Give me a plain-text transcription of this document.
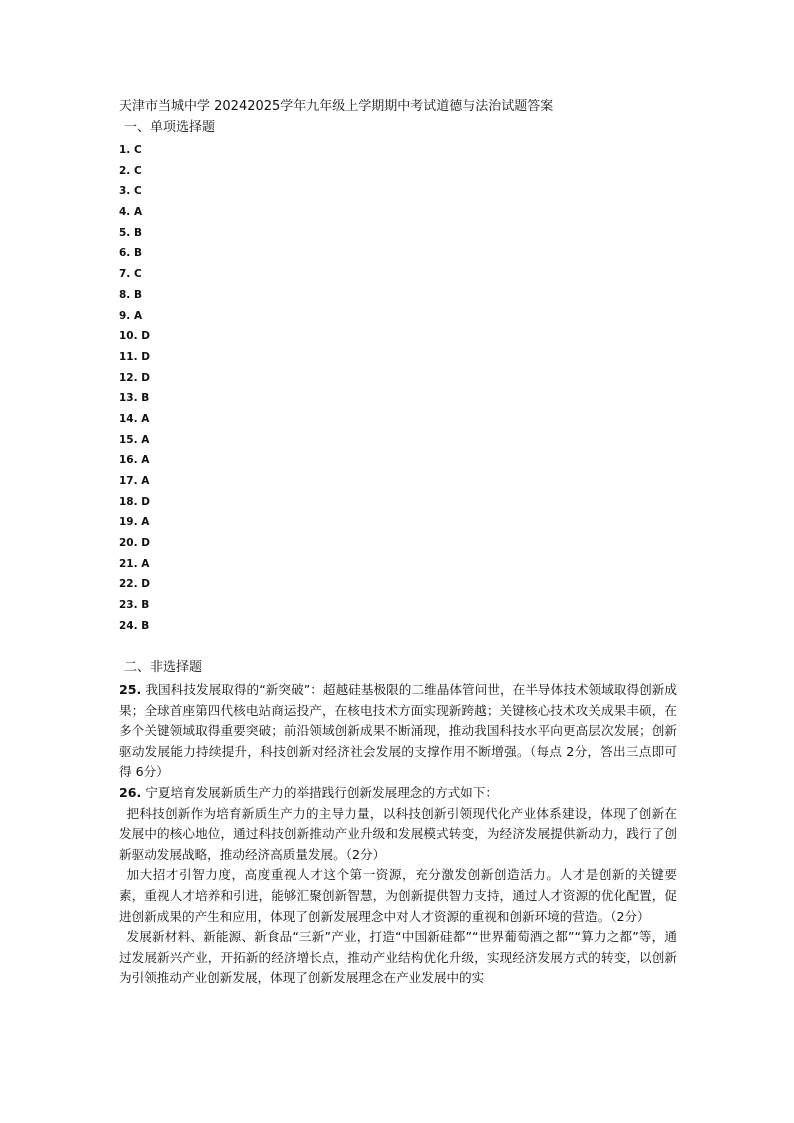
天津市当城中学 20242025学年九年级上学期期中考试道德与法治试题答案
一、单项选择题
1. C
2. C
3. C
4. A
5. B
6. B
7. C
8. B
9. A
10. D
11. D
12. D
13. B
14. A
15. A
16. A
17. A
18. D
19. A
20. D
21. A
22. D
23. B
24. B
二、非选择题

25. 我国科技发展取得的“新突破”：超越硅基极限的二维晶体管问世，在半导体技术领域取得创新成果；全球首座第四代核电站商运投产，在核电技术方面实现新跨越；关键核心技术攻关成果丰硕，在多个关键领域取得重要突破；前沿领域创新成果不断涌现，推动我国科技水平向更高层次发展；创新驱动发展能力持续提升，科技创新对经济社会发展的支撑作用不断增强。（每点 2分，答出三点即可得 6分）

26. 宁夏培育发展新质生产力的举措践行创新发展理念的方式如下：

把科技创新作为培育新质生产力的主导力量，以科技创新引领现代化产业体系建设，体现了创新在发展中的核心地位，通过科技创新推动产业升级和发展模式转变，为经济发展提供新动力，践行了创新驱动发展战略，推动经济高质量发展。（2分）

加大招才引智力度，高度重视人才这个第一资源，充分激发创新创造活力。人才是创新的关键要素，重视人才培养和引进，能够汇聚创新智慧，为创新提供智力支持，通过人才资源的优化配置，促进创新成果的产生和应用，体现了创新发展理念中对人才资源的重视和创新环境的营造。（2分）

发展新材料、新能源、新食品“三新”产业，打造“中国新硅都”“世界葡萄酒之都”“算力之都”等，通过发展新兴产业，开拓新的经济增长点，推动产业结构优化升级，实现经济发展方式的转变，以创新为引领推动产业创新发展，体现了创新发展理念在产业发展中的实
